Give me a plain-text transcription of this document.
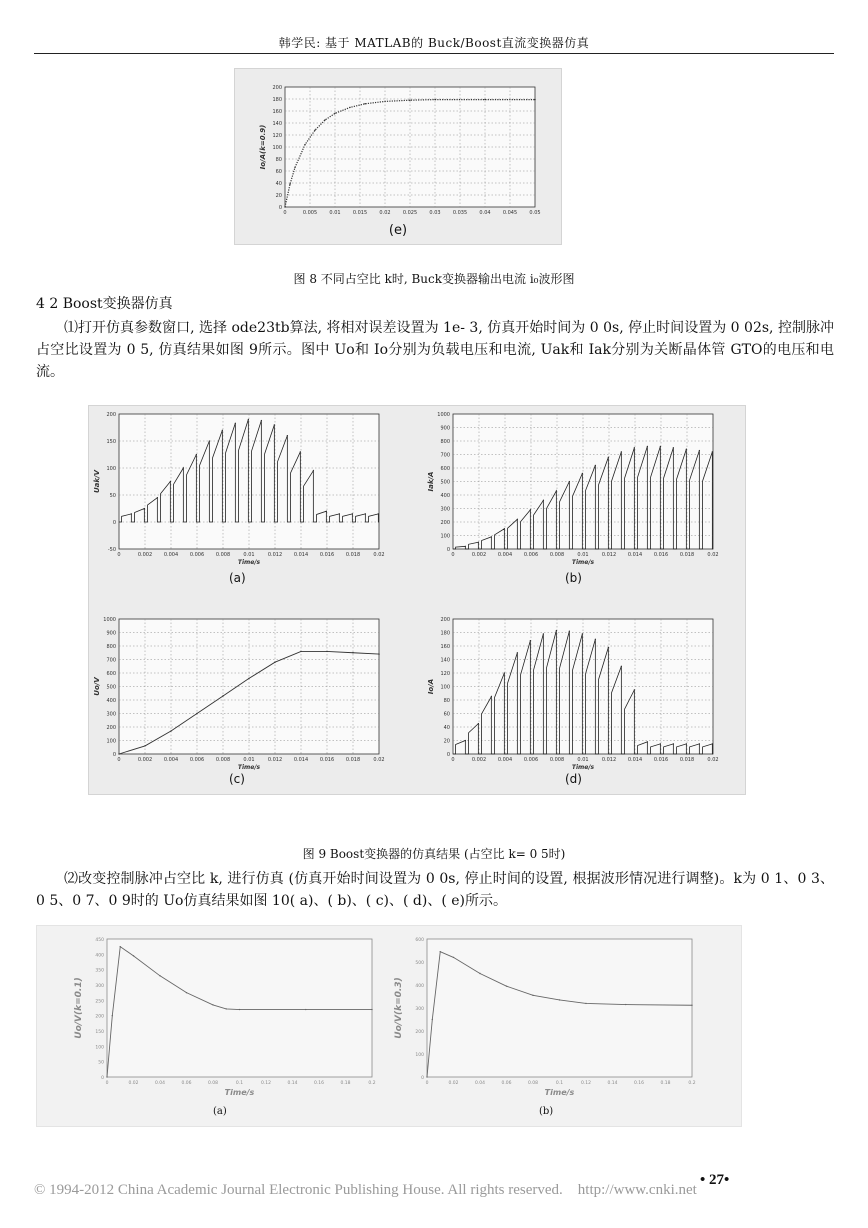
韩学民: 基于 MATLAB的 Buck/Boost直流变换器仿真
0
20
40
60
80
100
120
140
160
180
200
0	0.005 0.01 0.015 0.02 0.025 0.03 0.035 0.04 0.045 0.05
Io/A(k=0.9)
(e)
图 8 不同占空比 k时, Buck变换器输出电流 i₀波形图
4 2 Boost变换器仿真
⑴打开仿真参数窗口, 选择 ode23tb算法, 将相对误差设置为 1e- 3, 仿真开始时间为 0 0s, 停止时间设置为 0 02s, 控制脉冲占空比设置为 0 5, 仿真结果如图 9所示。图中 Uo和 Io分别为负载电压和电流, Uak和 Iak分别为关断晶体管 GTO的电压和电流。
-50
0
50
100
150
200
0	0.002 0.004 0.006 0.008	0.01	0.012 0.014 0.016 0.018	0.02
Time/s
Uak/V
0
100
200
300
400
500
600
700
800
900
1000
0	0.002 0.004 0.006 0.008	0.01	0.012 0.014 0.016 0.018	0.02
Time/s
Iak/A
0
100
200
300
400
500
600
700
800
900
1000
0	0.002 0.004 0.006 0.008	0.01	0.012 0.014 0.016 0.018	0.02
Time/s
Uo/V
0
20
40
60
80
100
120
140
160
180
200
0	0.002 0.004 0.006 0.008	0.01	0.012 0.014 0.016 0.018	0.02
Time/s
Io/A
(a)	(b)
(c)	(d)
图 9 Boost变换器的仿真结果 (占空比 k= 0 5时)
⑵改变控制脉冲占空比 k, 进行仿真 (仿真开始时间设置为 0 0s, 停止时间的设置, 根据波形情况进行调整)。k为 0 1、0 3、0 5、0 7、0 9时的 Uo仿真结果如图 10( a)、( b)、( c)、( d)、( e)所示。
0
50
100
150
200
250
300
350
400
450
0	0.02	0.04	0.06	0.08	0.1	0.12	0.14	0.16	0.18	0.2
Time/s
Uo/V(k=0.1)
0
100
200
300
400
500
600
0	0.02	0.04	0.06	0.08	0.1	0.12	0.14	0.16	0.18	0.2
Time/s
Uo/V(k=0.3)
(a)	(b)
• 27•
© 1994-2012 China Academic Journal Electronic Publishing House. All rights reserved.    http://www.cnki.net
